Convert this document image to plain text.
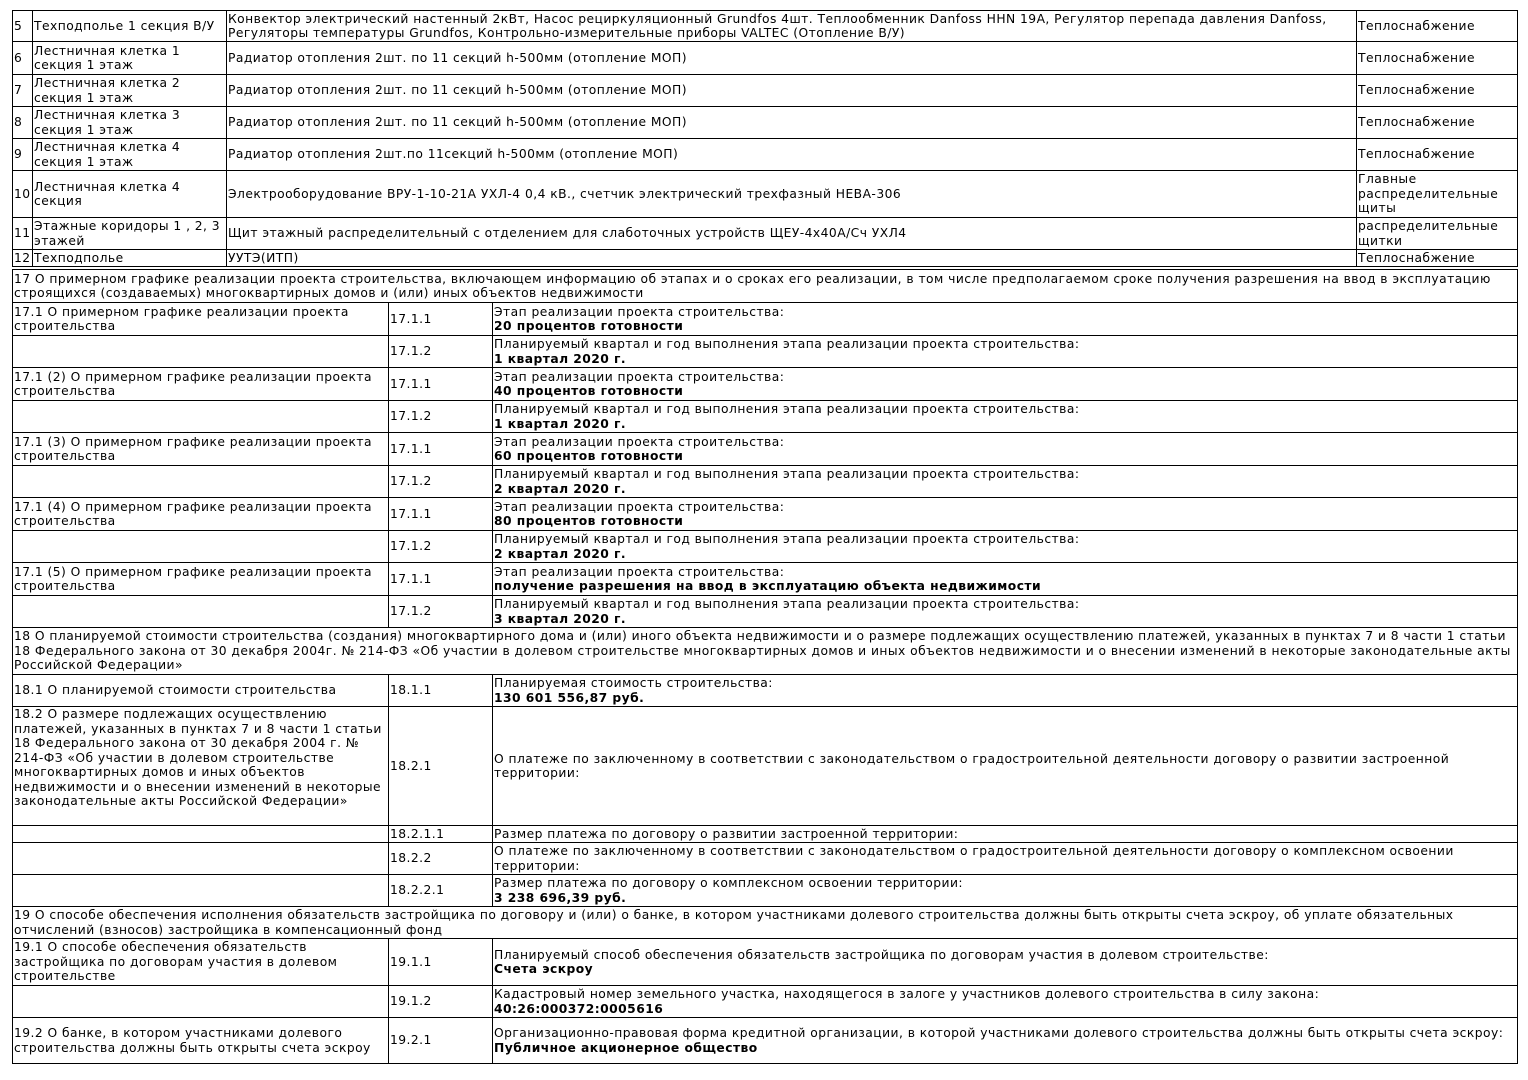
5	Техподполье 1 секция В/У	Конвектор электрический настенный 2кВт, Насос рециркуляционный Grundfos 4шт. Теплообменник Danfoss HHN 19A, Регулятор перепада давления Danfoss, Регуляторы температуры Grundfos, Контрольно-измерительные приборы VALTEC (Отопление В/У)	Теплоснабжение
6	Лестничная клетка 1 секция 1 этаж	Радиатор отопления 2шт. по 11 секций h-500мм (отопление МОП)	Теплоснабжение
7	Лестничная клетка 2 секция 1 этаж	Радиатор отопления 2шт. по 11 секций h-500мм (отопление МОП)	Теплоснабжение
8	Лестничная клетка 3 секция 1 этаж	Радиатор отопления 2шт. по 11 секций h-500мм (отопление МОП)	Теплоснабжение
9	Лестничная клетка 4 секция 1 этаж	Радиатор отопления 2шт.по 11секций h-500мм (отопление МОП)	Теплоснабжение
10	Лестничная клетка 4 секция	Электрооборудование ВРУ-1-10-21А УХЛ-4 0,4 кВ., счетчик электрический трехфазный НЕВА-306	Главные распределительные щиты
11	Этажные коридоры 1 , 2, 3 этажей	Щит этажный распределительный с отделением для слаботочных устройств ЩЕУ-4х40А/Сч УХЛ4	распределительные щитки
12	Техподполье	УУТЭ(ИТП)	Теплоснабжение
17 О примерном графике реализации проекта строительства, включающем информацию об этапах и о сроках его реализации, в том числе предполагаемом сроке получения разрешения на ввод в эксплуатацию строящихся (создаваемых) многоквартирных домов и (или) иных объектов недвижимости		
17.1 О примерном графике реализации проекта строительства	17.1.1	Этап реализации проекта строительства:
20 процентов готовности

	17.1.2	Планируемый квартал и год выполнения этапа реализации проекта строительства:
1 квартал 2020 г.

17.1 (2) О примерном графике реализации проекта строительства	17.1.1	Этап реализации проекта строительства:
40 процентов готовности

	17.1.2	Планируемый квартал и год выполнения этапа реализации проекта строительства:
1 квартал 2020 г.

17.1 (3) О примерном графике реализации проекта строительства	17.1.1	Этап реализации проекта строительства:
60 процентов готовности

	17.1.2	Планируемый квартал и год выполнения этапа реализации проекта строительства:
2 квартал 2020 г.

17.1 (4) О примерном графике реализации проекта строительства	17.1.1	Этап реализации проекта строительства:
80 процентов готовности

	17.1.2	Планируемый квартал и год выполнения этапа реализации проекта строительства:
2 квартал 2020 г.

17.1 (5) О примерном графике реализации проекта строительства	17.1.1	Этап реализации проекта строительства:
получение разрешения на ввод в эксплуатацию объекта недвижимости

	17.1.2	Планируемый квартал и год выполнения этапа реализации проекта строительства:
3 квартал 2020 г.

18 О планируемой стоимости строительства (создания) многоквартирного дома и (или) иного объекта недвижимости и о размере подлежащих осуществлению платежей, указанных в пунктах 7 и 8 части 1 статьи 18 Федерального закона от 30 декабря 2004г. № 214-ФЗ «Об участии в долевом строительстве многоквартирных домов и иных объектов недвижимости и о внесении изменений в некоторые законодательные акты Российской Федерации»		
18.1 О планируемой стоимости строительства	18.1.1	Планируемая стоимость строительства:
130 601 556,87 руб.

18.2 О размере подлежащих осуществлению платежей, указанных в пунктах 7 и 8 части 1 статьи 18 Федерального закона от 30 декабря 2004 г. № 214-ФЗ «Об участии в долевом строительстве многоквартирных домов и иных объектов недвижимости и о внесении изменений в некоторые законодательные акты Российской Федерации»	18.2.1	О платеже по заключенному в соответствии с законодательством о градостроительной деятельности договору о развитии застроенной территории:
	18.2.1.1	Размер платежа по договору о развитии застроенной территории:
	18.2.2	О платеже по заключенному в соответствии с законодательством о градостроительной деятельности договору о комплексном освоении территории:
	18.2.2.1	Размер платежа по договору о комплексном освоении территории:
3 238 696,39 руб.

19 О способе обеспечения исполнения обязательств застройщика по договору и (или) о банке, в котором участниками долевого строительства должны быть открыты счета эскроу, об уплате обязательных отчислений (взносов) застройщика в компенсационный фонд		
19.1 О способе обеспечения обязательств застройщика по договорам участия в долевом строительстве	19.1.1	Планируемый способ обеспечения обязательств застройщика по договорам участия в долевом строительстве:
Счета эскроу

	19.1.2	Кадастровый номер земельного участка, находящегося в залоге у участников долевого строительства в силу закона:
40:26:000372:0005616

19.2 О банке, в котором участниками долевого строительства должны быть открыты счета эскроу	19.2.1	Организационно-правовая форма кредитной организации, в которой участниками долевого строительства должны быть открыты счета эскроу:
Публичное акционерное общество
